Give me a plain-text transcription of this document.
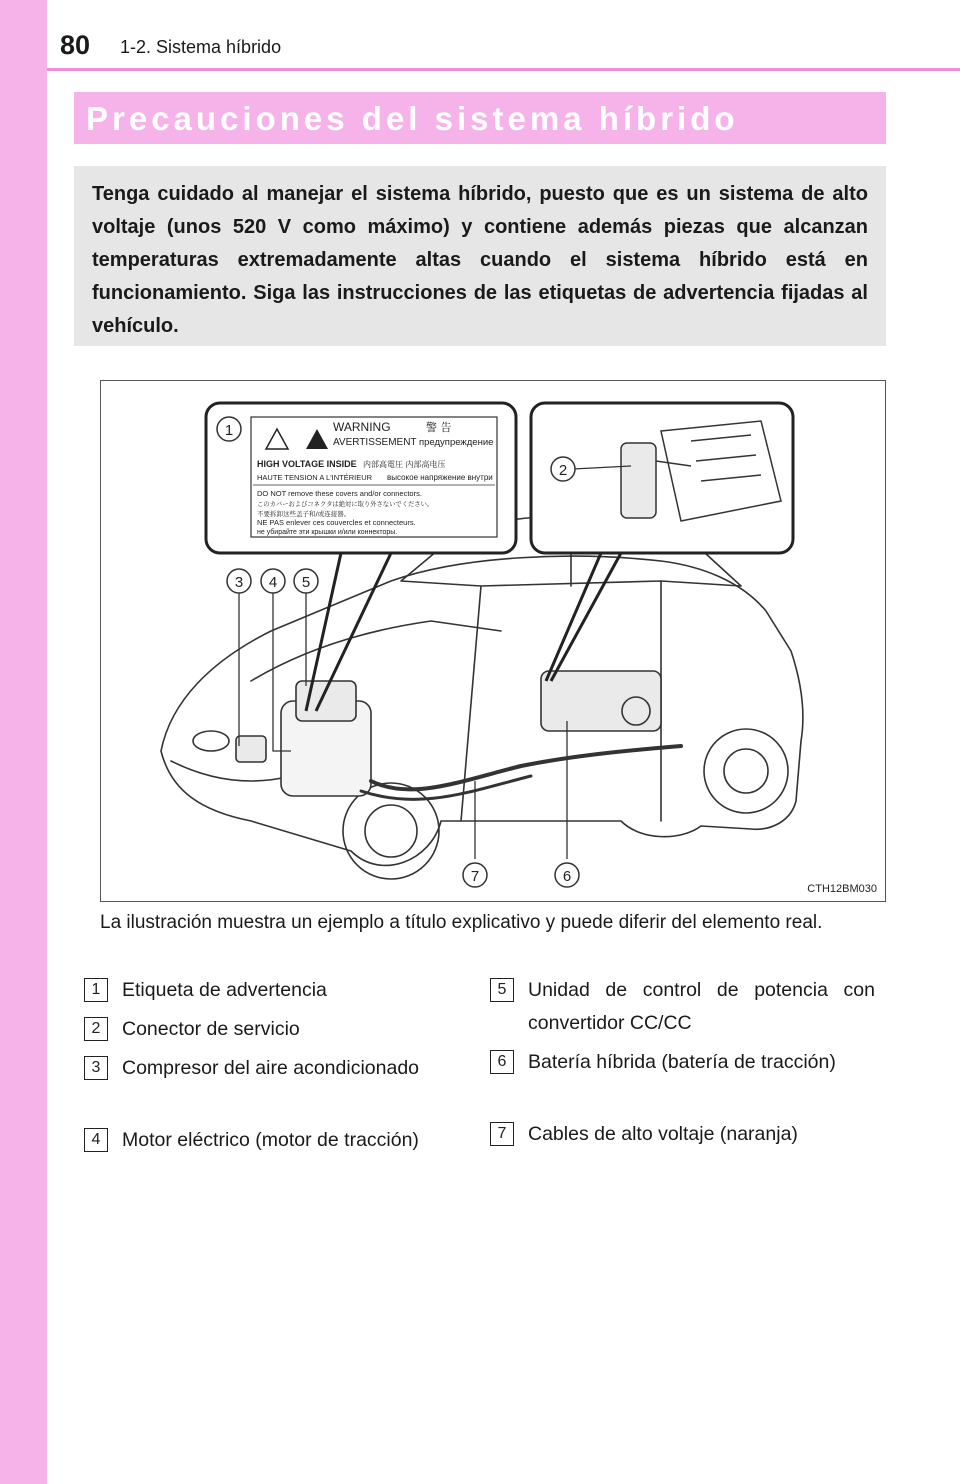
80 1-2. Sistema híbrido
Precauciones del sistema híbrido

Tenga cuidado al manejar el sistema híbrido, puesto que es un sistema de alto voltaje (unos 520 V como máximo) y contiene además piezas que alcanzan temperaturas extremadamente altas cuando el sistema híbrido está en funcionamiento. Siga las instrucciones de las etiquetas de advertencia fijadas al vehículo.

WARNING	警 告
AVERTISSEMENT предупреждение
HIGH VOLTAGE INSIDE 内部高電圧 内部高电压
HAUTE TENSION A L'INTÉRIEUR высокое напряжение внутри
DO NOT remove these covers and/or connectors.
このカバーおよびコネクタは絶対に取り外さないでください。
不要拆卸这些盖子和/或连接器。
NE PAS enlever ces couvercles et connecteurs.
не убирайте эти крышки и/или коннекторы.
1
2
3 4 5
6
7
CTH12BM030

La ilustración muestra un ejemplo a título explicativo y puede diferir del elemento real.

1	Etiqueta de advertencia
2	Conector de servicio
3	Compresor del aire acondicionado
4	Motor eléctrico (motor de tracción)
5	Unidad de control de potencia con convertidor CC/CC
6	Batería híbrida (batería de tracción)
7	Cables de alto voltaje (naranja)
